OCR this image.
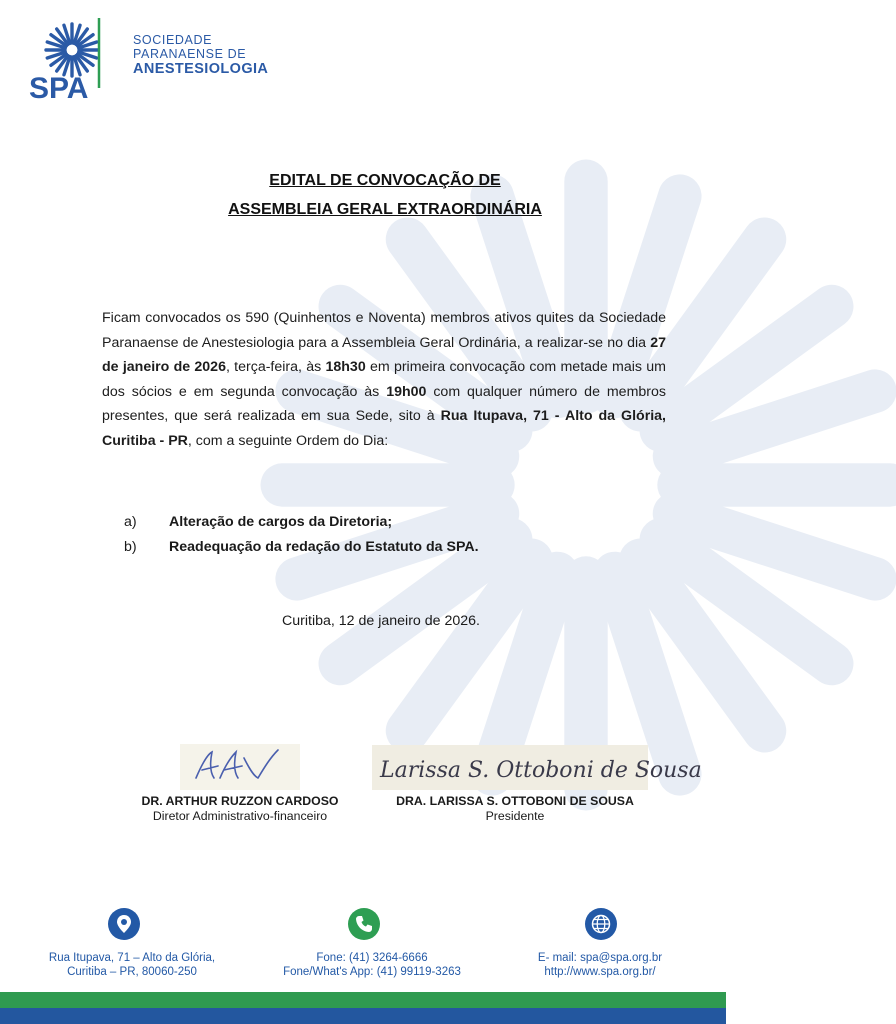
SPA
SOCIEDADE
PARANAENSE DE
ANESTESIOLOGIA
EDITAL DE CONVOCAÇÃO DE
ASSEMBLEIA GERAL EXTRAORDINÁRIA
Ficam convocados os 590 (Quinhentos e Noventa) membros ativos quites da Sociedade Paranaense de Anestesiologia para a Assembleia Geral Ordinária, a realizar-se no dia 27 de janeiro de 2026, terça-feira, às 18h30 em primeira convocação com metade mais um dos sócios e em segunda convocação às 19h00 com qualquer número de membros presentes, que será realizada em sua Sede, sito à Rua Itupava, 71 - Alto da Glória, Curitiba - PR, com a seguinte Ordem do Dia:
a)	Alteração de cargos da Diretoria;
b)	Readequação da redação do Estatuto da SPA.
Curitiba, 12 de janeiro de 2026.
Larissa S. Ottoboni de Sousa
DR. ARTHUR RUZZON CARDOSO
Diretor Administrativo-financeiro
DRA. LARISSA S. OTTOBONI DE SOUSA
Presidente
Rua Itupava, 71 – Alto da Glória,
Curitiba – PR, 80060-250
Fone: (41) 3264-6666
Fone/What's App: (41) 99119-3263
E- mail: spa@spa.org.br
http://www.spa.org.br/
